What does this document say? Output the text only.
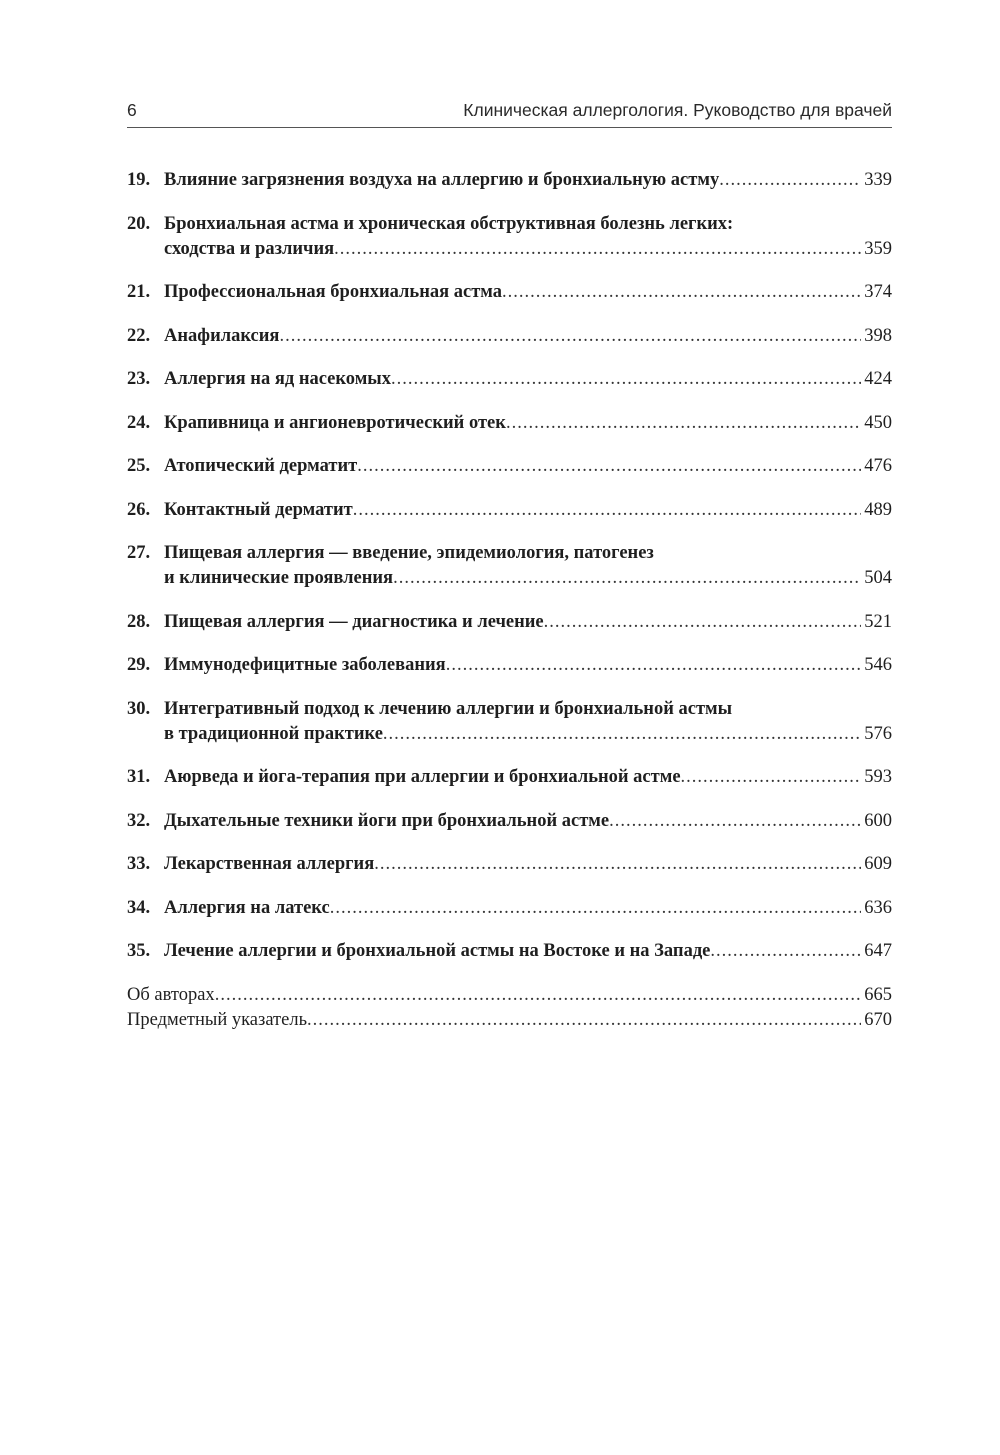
6	Клиническая аллергология. Руководство для врачей
19. Влияние загрязнения воздуха на аллергию и бронхиальную астму .....	339
20. Бронхиальная астма и хроническая обструктивная болезнь легких:
сходства и различия .....	359
21. Профессиональная бронхиальная астма .....	374
22. Анафилаксия .....	398
23. Аллергия на яд насекомых .....	424
24. Крапивница и ангионевротический отек .....	450
25. Атопический дерматит .....	476
26. Контактный дерматит .....	489
27. Пищевая аллергия — введение, эпидемиология, патогенез
и клинические проявления .....	504
28. Пищевая аллергия — диагностика и лечение .....	521
29. Иммунодефицитные заболевания .....	546
30. Интегративный подход к лечению аллергии и бронхиальной астмы
в традиционной практике .....	576
31. Аюрведа и йога-терапия при аллергии и бронхиальной астме .....	593
32. Дыхательные техники йоги при бронхиальной астме .....	600
33. Лекарственная аллергия .....	609
34. Аллергия на латекс .....	636
35. Лечение аллергии и бронхиальной астмы на Востоке и на Западе .....	647
Об авторах .....	665
Предметный указатель .....	670
